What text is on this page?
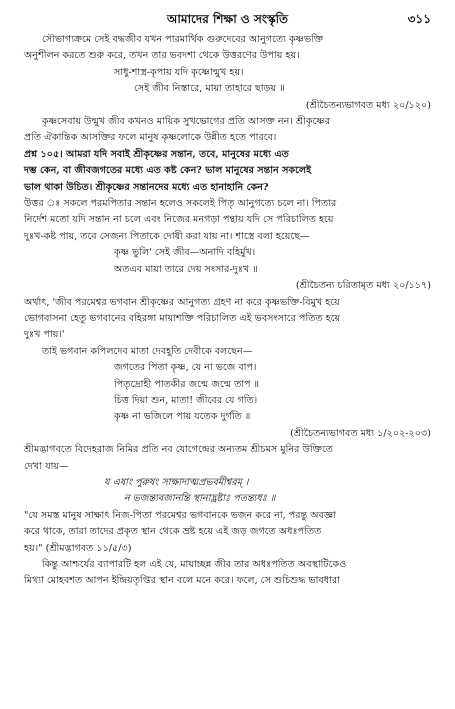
আমাদের শিক্ষা ও সংস্কৃতি	৩১১

সৌভাগ্যক্রমে সেই বদ্ধজীব যখন পারমার্থিক গুরুদেবের আনুগত্যে কৃষ্ণভক্তি

অনুশীলন করতে শুরু করে, তখন তার ভবদশা থেকে উত্তরণের উপায় হয়।

সাধু-শাস্ত্র-কৃপায় যদি কৃষ্ণোন্মুখ হয়।

সেই জীব নিস্তারে, মায়া তাহারে ছাড়য় ॥

(শ্রীচৈতন্যভাগবত মধ্য ২০/১২০)

কৃষ্ণসেবায় উন্মুখ জীব কখনও মায়িক সুখভোগের প্রতি আসক্ত নন। শ্রীকৃষ্ণের

প্রতি ঐকান্তিক আসক্তির ফলে মানুষ কৃষ্ণলোকে উন্নীত হতে পারবে।

প্রশ্ন ১০৫। আমরা যদি সবাই শ্রীকৃষ্ণের সন্তান, তবে, মানুষের মধ্যে এত

দম্ভ কেন, বা জীবজগতের মধ্যে এত কষ্ট কেন? ভাল মানুষের সন্তান সকলেই

ভাল থাকা উচিত। শ্রীকৃষ্ণের সন্তানদের মধ্যে এত হানাহানি কেন?

উত্তর ঃ সকলে পরমপিতার সন্তান হলেও সকলেই পিতৃ আনুগত্যে চলে না। পিতার

নির্দেশ মতো যদি সন্তান না চলে এবং নিজের মনগড়া পন্থায় যদি সে পরিচালিত হয়ে

দুঃখ-কষ্ট পায়, তবে সেজন্য পিতাকে দোষী করা যায় না। শাস্ত্রে বলা হয়েছে—

কৃষ্ণ ভুলি' সেই জীব—অনাদি বহির্মুখ।

অতএব মায়া তারে দেয় সংসার-দুঃখ ॥

(শ্রীচৈতন্য চরিতামৃত মধ্য ২০/১১৭)

অর্থাৎ, 'জীব পরমেশ্বর ভগবান শ্রীকৃষ্ণের আনুগত্য গ্রহণ না করে কৃষ্ণভক্তি-বিমুখ হয়ে

ভোগবাসনা হেতু ভগবানের বহিরঙ্গা মায়াশক্তি পরিচালিত এই ভবসংসারে পতিত হয়ে

দুঃখ পায়।'

তাই ভগবান কপিলদেব মাতা দেবহূতি দেবীকে বলছেন—

জগতের পিতা কৃষ্ণ, যে না ভজে বাপ।

পিতৃদ্রোহী পাতকীর জন্মে জন্মে তাপ ॥

চিত্ত দিয়া শুন, মাতা! জীবের যে গতি।

কৃষ্ণ না ভজিলে পায় যতেক দুর্গতি ॥

(শ্রীচৈতন্যভাগবত মধ্য ১/২০২-২০৩)

শ্রীমদ্ভাগবতে বিদেহরাজ নিমির প্রতি নব যোগেন্দ্রের অন্যতম শ্রীচমস মুনির উক্তিতে

দেখা যায়—

য এষাং পুরুষং সাক্ষাদাত্মপ্রভবমীশ্বরম্ ।

ন ভজন্ত্যবজানন্তি স্থানাদ্ভ্রষ্টাঃ পতন্ত্যধঃ ॥

"যে সমস্ত মানুষ সাক্ষাৎ নিজ-পিতা পরমেশ্বর ভগবানকে ভজন করে না, পরন্তু অবজ্ঞা

করে থাকে, তারা তাদের প্রকৃত স্থান থেকে ভ্রষ্ট হয়ে এই জড় জগতে অধঃপতিত

হয়।" (শ্রীমদ্ভাগবত ১১/৫/৩)

কিন্তু আশ্চর্যের ব্যাপারটি হল এই যে, মায়াচ্ছন্ন জীব তার অধঃপতিত অবস্থাটিকেও

মিথ্যা মোহবশত আপন ইন্দ্রিয়তৃপ্তির স্থান বলে মনে করে। ফলে, সে শুচিশুদ্ধ ভাবধারা
